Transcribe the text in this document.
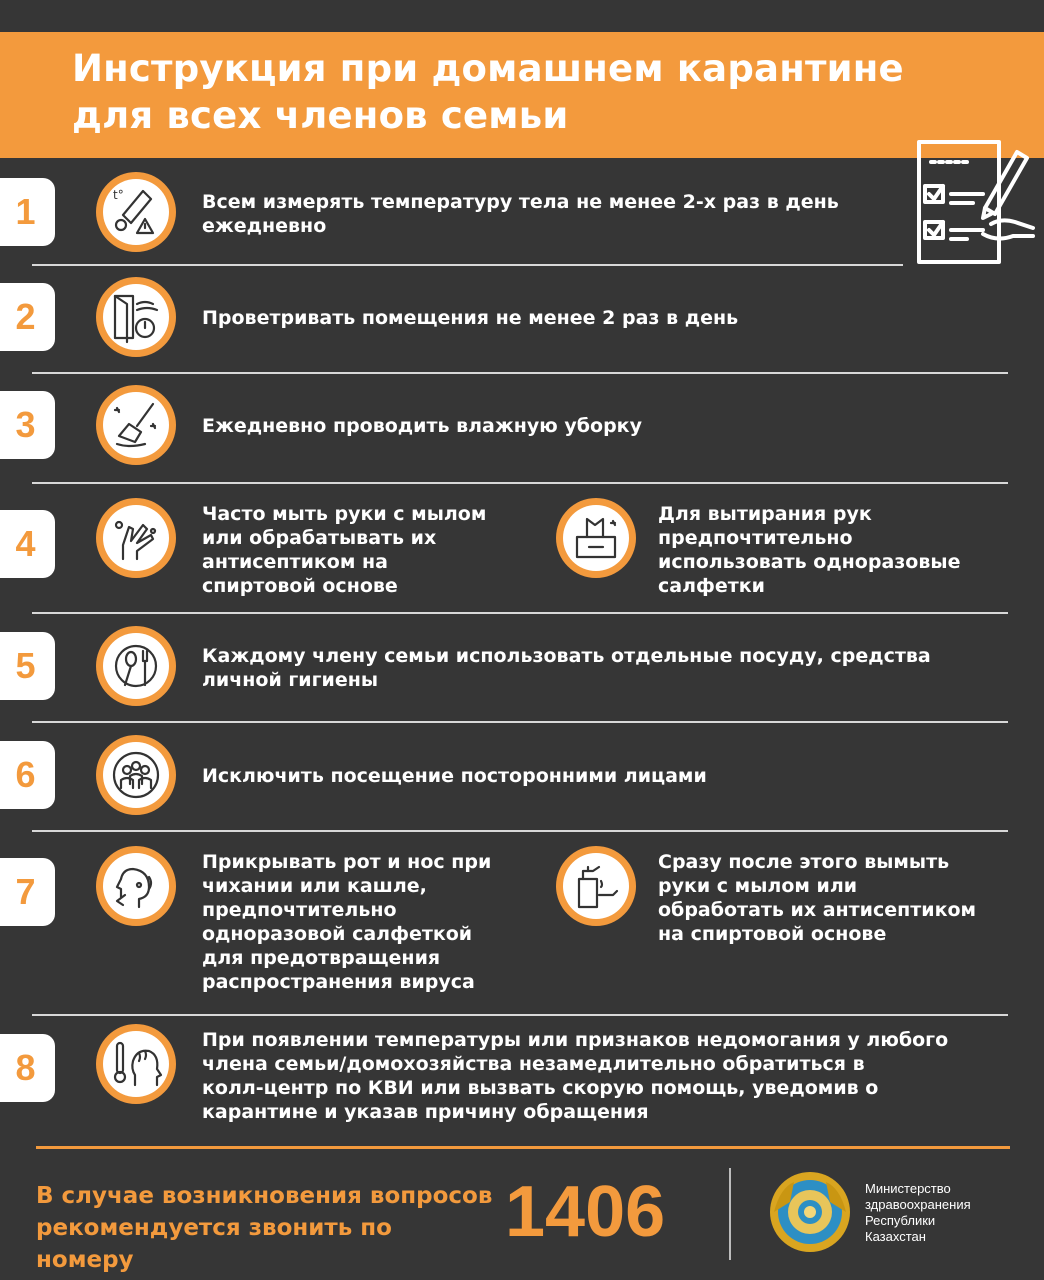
Инструкция при домашнем карантине
для всех членов семьи
1	t°	Всем измерять температуру тела не менее 2-х раз в день
ежедневно
2	Проветривать помещения не менее 2 раз в день
3	Ежедневно проводить влажную уборку
4
Часто мыть руки с мылом
или обрабатывать их
антисептиком на
спиртовой основе
Для вытирания рук
предпочтительно
использовать одноразовые
салфетки
5	Каждому члену семьи использовать отдельные посуду, средства
личной гигиены
6	Исключить посещение посторонними лицами
7
Прикрывать рот и нос при
чихании или кашле,
предпочтительно
одноразовой салфеткой
для предотвращения
распространения вируса
Сразу после этого вымыть
руки с мылом или
обработать их антисептиком
на спиртовой основе
8
При появлении температуры или признаков недомогания у любого
члена семьи/домохозяйства незамедлительно обратиться в
колл-центр по КВИ или вызвать скорую помощь, уведомив о
карантине и указав причину обращения
В случае возникновения вопросов
рекомендуется звонить по номеру
1406	Министерство
здравоохранения
Республики
Казахстан
